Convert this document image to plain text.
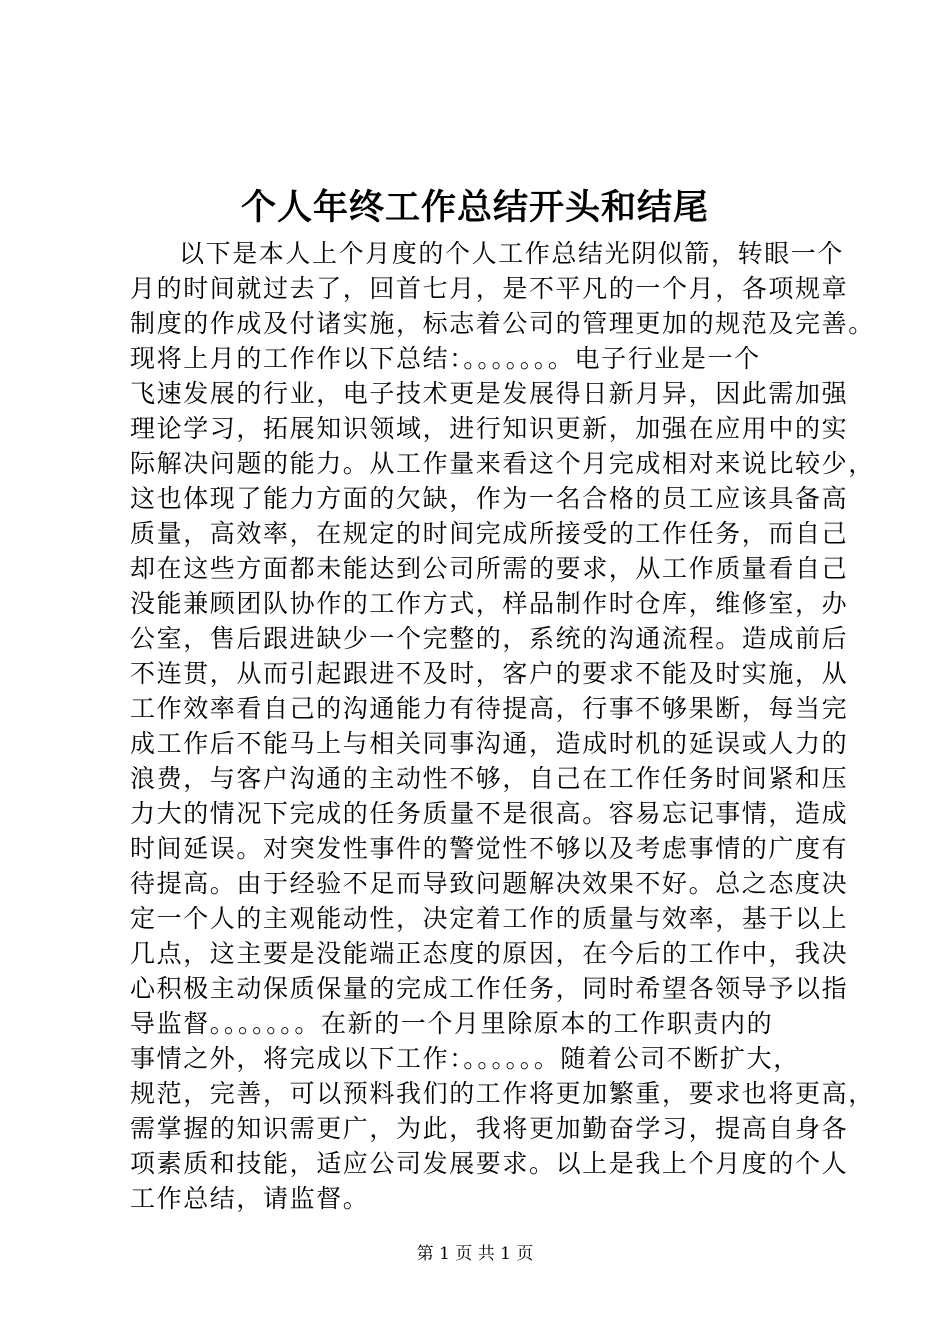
个人年终工作总结开头和结尾
以下是本人上个月度的个人工作总结光阴似箭，转眼一个
月的时间就过去了，回首七月，是不平凡的一个月，各项规章
制度的作成及付诸实施，标志着公司的管理更加的规范及完善。
现将上月的工作作以下总结：。。。。。。。电子行业是一个
飞速发展的行业，电子技术更是发展得日新月异，因此需加强
理论学习，拓展知识领域，进行知识更新，加强在应用中的实
际解决问题的能力。从工作量来看这个月完成相对来说比较少，
这也体现了能力方面的欠缺，作为一名合格的员工应该具备高
质量，高效率，在规定的时间完成所接受的工作任务，而自己
却在这些方面都未能达到公司所需的要求，从工作质量看自己
没能兼顾团队协作的工作方式，样品制作时仓库，维修室，办
公室，售后跟进缺少一个完整的，系统的沟通流程。造成前后
不连贯，从而引起跟进不及时，客户的要求不能及时实施，从
工作效率看自己的沟通能力有待提高，行事不够果断，每当完
成工作后不能马上与相关同事沟通，造成时机的延误或人力的
浪费，与客户沟通的主动性不够，自己在工作任务时间紧和压
力大的情况下完成的任务质量不是很高。容易忘记事情，造成
时间延误。对突发性事件的警觉性不够以及考虑事情的广度有
待提高。由于经验不足而导致问题解决效果不好。总之态度决
定一个人的主观能动性，决定着工作的质量与效率，基于以上
几点，这主要是没能端正态度的原因，在今后的工作中，我决
心积极主动保质保量的完成工作任务，同时希望各领导予以指
导监督。。。。。。。在新的一个月里除原本的工作职责内的
事情之外，将完成以下工作：。。。。。。随着公司不断扩大，
规范，完善，可以预料我们的工作将更加繁重，要求也将更高，
需掌握的知识需更广，为此，我将更加勤奋学习，提高自身各
项素质和技能，适应公司发展要求。以上是我上个月度的个人
工作总结，请监督。
第 1 页 共 1 页
